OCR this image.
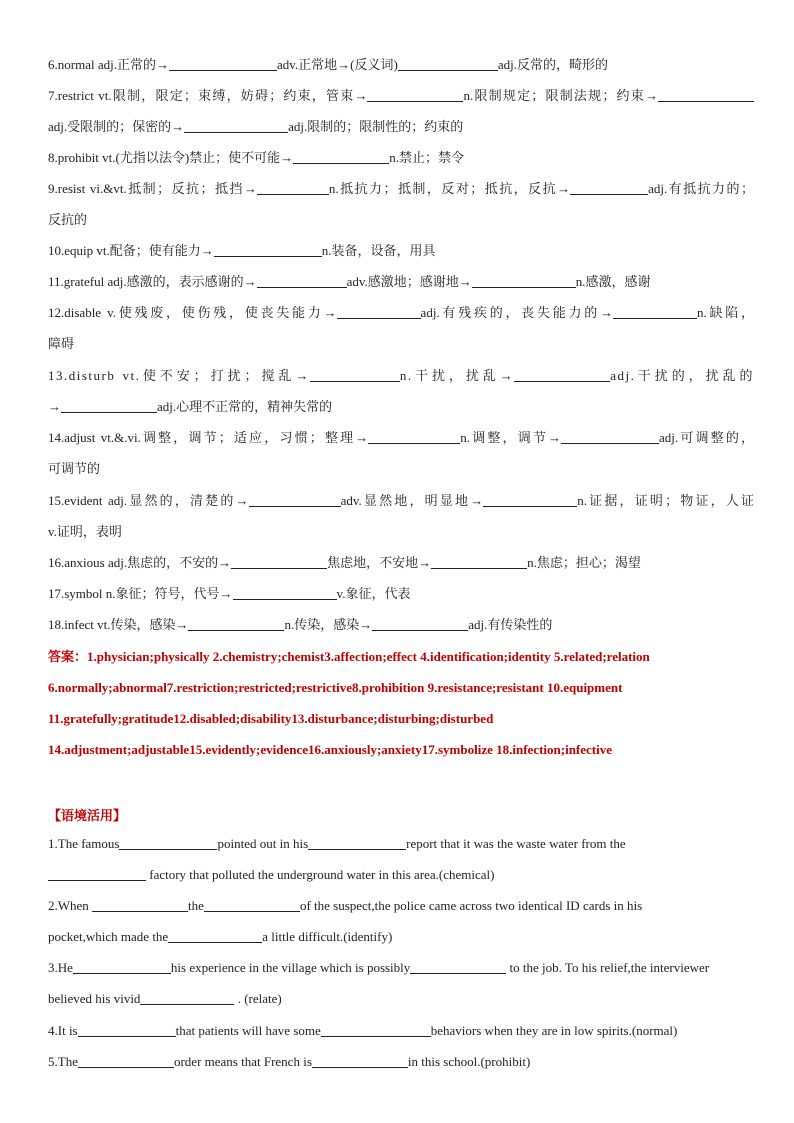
6.normal adj.正常的→	adv.正常地→(反义词)	adj.反常的，畸形的
7.restrict vt.限制，限定；束缚，妨碍；约束，管束→	n.限制规定；限制法规；约束→
adj.受限制的；保密的→	adj.限制的；限制性的；约束的
8.prohibit vt.(尤指以法令)禁止；使不可能→	n.禁止；禁令
9.resist vi.&vt.抵制；反抗；抵挡→	n.抵抗力；抵制，反对；抵抗，反抗→	adj.有抵抗力的；
反抗的
10.equip vt.配备；使有能力→	n.装备，设备，用具
11.grateful adj.感激的，表示感谢的→	adv.感激地；感谢地→	n.感激，感谢
12.disable v.使残废，使伤残，使丧失能力→	adj.有残疾的，丧失能力的→	n.缺陷，
障碍
13.disturb vt.使不安；打扰；搅乱→	n.干扰，扰乱→	adj.干扰的，扰乱的
→	adj.心理不正常的，精神失常的
14.adjust vt.&.vi.调整，调节；适应，习惯；整理→	n.调整，调节→	adj.可调整的，
可调节的
15.evident adj.显然的，清楚的→	adv.显然地，明显地→	n.证据，证明；物证，人证
v.证明，表明
16.anxious adj.焦虑的，不安的→	焦虑地，不安地→	n.焦虑；担心；渴望
17.symbol n.象征；符号，代号→	v.象征，代表
18.infect vt.传染，感染→	n.传染，感染→	adj.有传染性的
答案：1.physician;physically 2.chemistry;chemist3.affection;effect 4.identification;identity 5.related;relation
6.normally;abnormal7.restriction;restricted;restrictive8.prohibition 9.resistance;resistant 10.equipment
11.gratefully;gratitude12.disabled;disability13.disturbance;disturbing;disturbed
14.adjustment;adjustable15.evidently;evidence16.anxiously;anxiety17.symbolize 18.infection;infective
【语境活用】
1.The famous	pointed out in his	report that it was the waste water from the
factory that polluted the underground water in this area.(chemical)
2.When	the	of the suspect,the police came across two identical ID cards in his
pocket,which made the	a little difficult.(identify)
3.He	his experience in the village which is possibly	to the job. To his relief,the interviewer
believed his vivid	. (relate)
4.It is	that patients will have some	behaviors when they are in low spirits.(normal)
5.The	order means that French is	in this school.(prohibit)
